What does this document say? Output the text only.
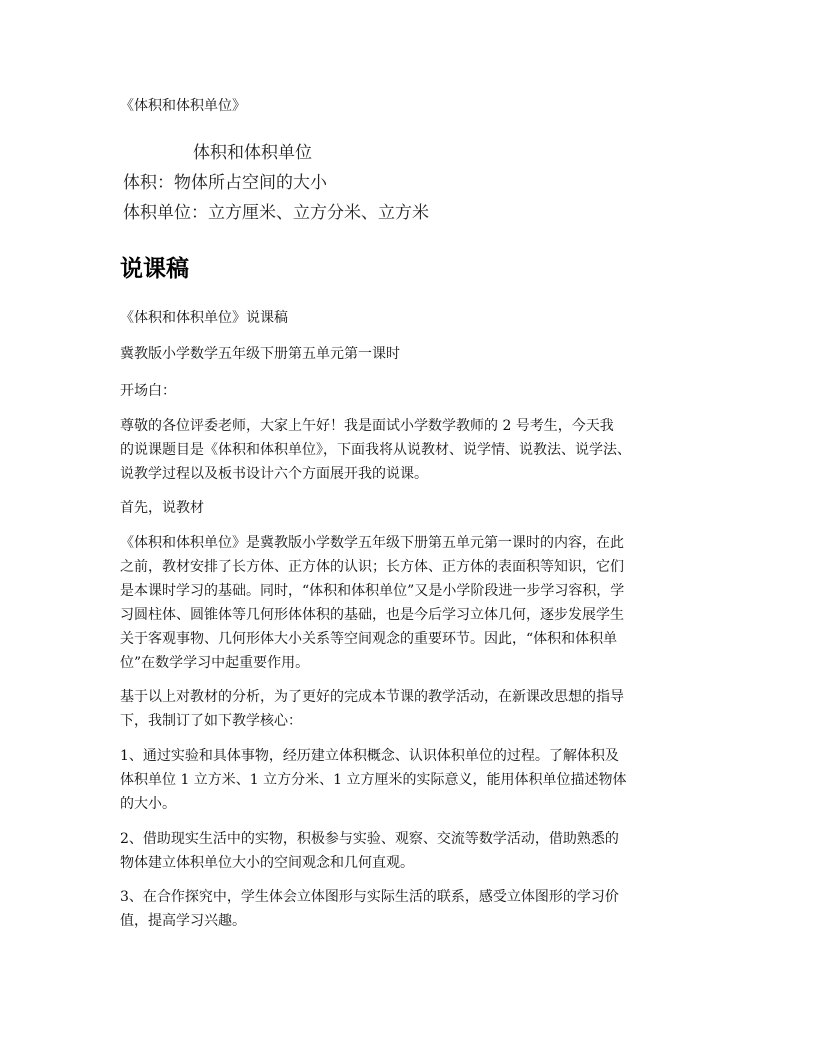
《体积和体积单位》

体积和体积单位
体积：物体所占空间的大小
体积单位：立方厘米、立方分米、立方米
说课稿

《体积和体积单位》说课稿

冀教版小学数学五年级下册第五单元第一课时

开场白：

尊敬的各位评委老师，大家上午好！我是面试小学数学教师的 2 号考生，今天我

的说课题目是《体积和体积单位》，下面我将从说教材、说学情、说教法、说学法、

说教学过程以及板书设计六个方面展开我的说课。

首先，说教材

《体积和体积单位》是冀教版小学数学五年级下册第五单元第一课时的内容，在此

之前，教材安排了长方体、正方体的认识；长方体、正方体的表面积等知识，它们

是本课时学习的基础。同时，“体积和体积单位”又是小学阶段进一步学习容积，学

习圆柱体、圆锥体等几何形体体积的基础，也是今后学习立体几何，逐步发展学生

关于客观事物、几何形体大小关系等空间观念的重要环节。因此，“体积和体积单

位”在数学学习中起重要作用。

基于以上对教材的分析，为了更好的完成本节课的教学活动，在新课改思想的指导

下，我制订了如下教学核心：

1、通过实验和具体事物，经历建立体积概念、认识体积单位的过程。了解体积及

体积单位 1 立方米、1 立方分米、1 立方厘米的实际意义，能用体积单位描述物体

的大小。

2、借助现实生活中的实物，积极参与实验、观察、交流等数学活动，借助熟悉的

物体建立体积单位大小的空间观念和几何直观。

3、在合作探究中，学生体会立体图形与实际生活的联系，感受立体图形的学习价

值，提高学习兴趣。
